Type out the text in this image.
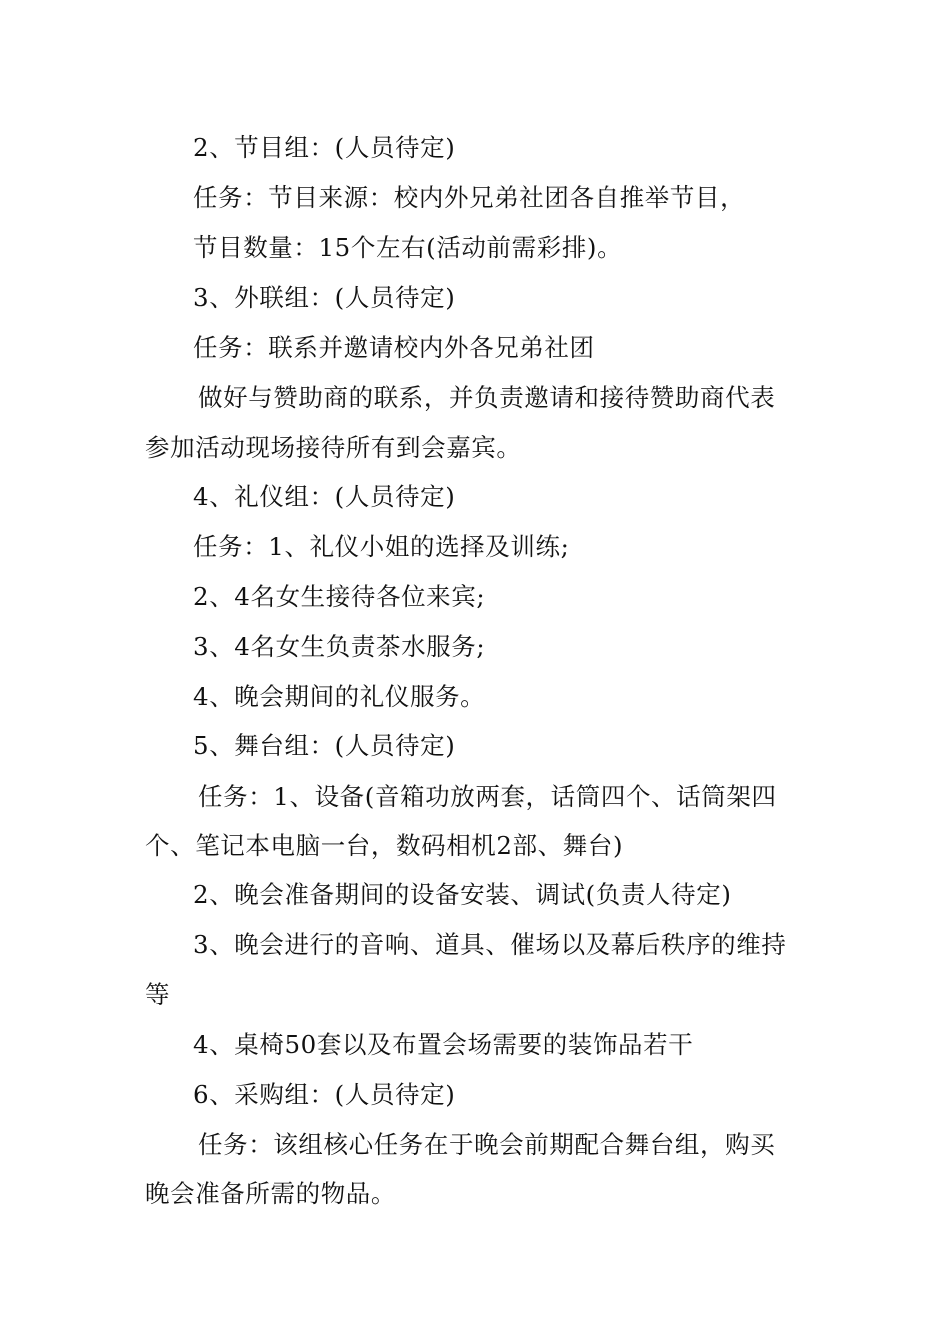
2、节目组：(人员待定)
任务：节目来源：校内外兄弟社团各自推举节目，
节目数量：15个左右(活动前需彩排)。
3、外联组：(人员待定)
任务：联系并邀请校内外各兄弟社团
做好与赞助商的联系，并负责邀请和接待赞助商代表
参加活动现场接待所有到会嘉宾。
4、礼仪组：(人员待定)
任务：1、礼仪小姐的选择及训练;
2、4名女生接待各位来宾;
3、4名女生负责茶水服务;
4、晚会期间的礼仪服务。
5、舞台组：(人员待定)
任务：1、设备(音箱功放两套，话筒四个、话筒架四
个、笔记本电脑一台，数码相机2部、舞台)
2、晚会准备期间的设备安装、调试(负责人待定)
3、晚会进行的音响、道具、催场以及幕后秩序的维持
等
4、桌椅50套以及布置会场需要的装饰品若干
6、采购组：(人员待定)
任务：该组核心任务在于晚会前期配合舞台组，购买
晚会准备所需的物品。
